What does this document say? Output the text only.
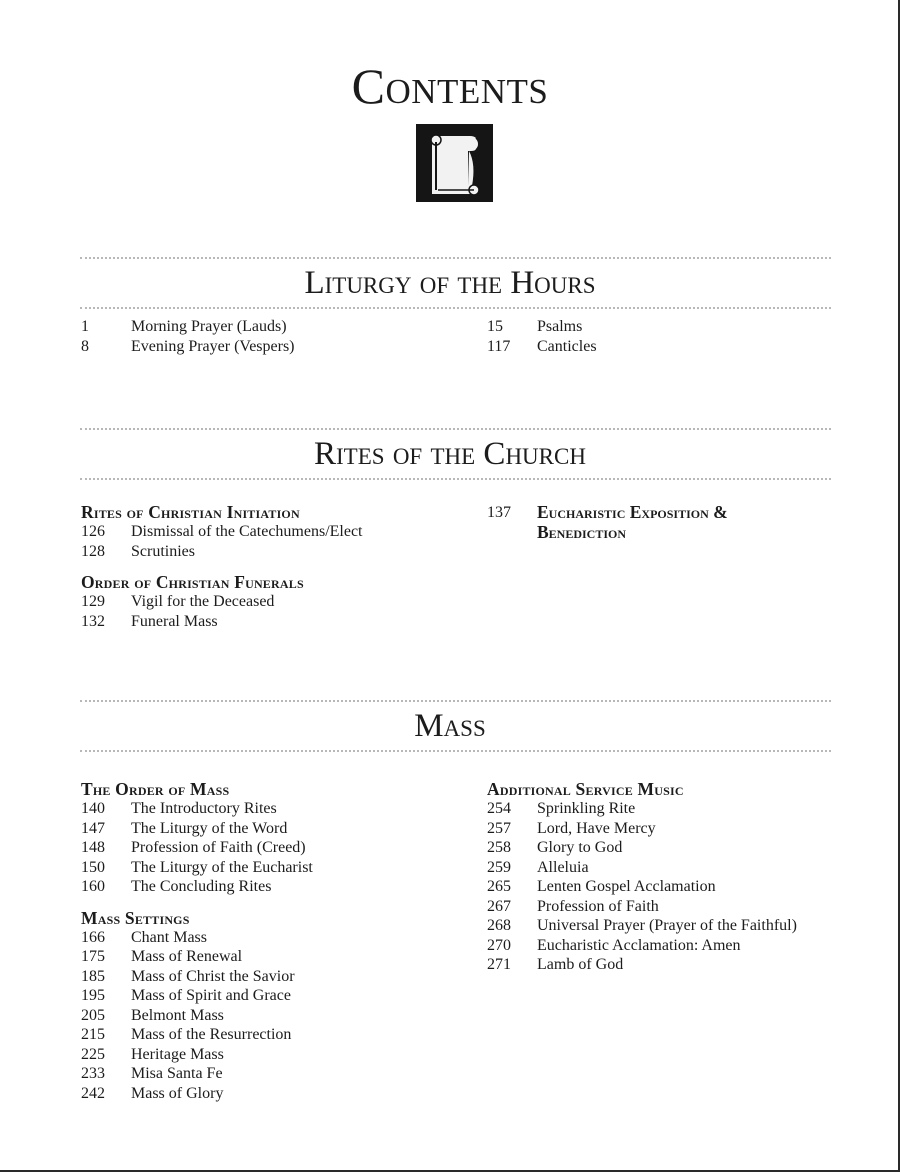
Contents
Liturgy of the Hours
1	Morning Prayer (Lauds)
8	Evening Prayer (Vespers)
15	Psalms
117	Canticles
Rites of the Church
Rites of Christian Initiation
126	Dismissal of the Catechumens/Elect
128	Scrutinies
Order of Christian Funerals
129	Vigil for the Deceased
132	Funeral Mass
137	Eucharistic Exposition & Benediction
Mass
The Order of Mass
140	The Introductory Rites
147	The Liturgy of the Word
148	Profession of Faith (Creed)
150	The Liturgy of the Eucharist
160	The Concluding Rites
Mass Settings
166	Chant Mass
175	Mass of Renewal
185	Mass of Christ the Savior
195	Mass of Spirit and Grace
205	Belmont Mass
215	Mass of the Resurrection
225	Heritage Mass
233	Misa Santa Fe
242	Mass of Glory
Additional Service Music
254	Sprinkling Rite
257	Lord, Have Mercy
258	Glory to God
259	Alleluia
265	Lenten Gospel Acclamation
267	Profession of Faith
268	Universal Prayer (Prayer of the Faithful)
270	Eucharistic Acclamation: Amen
271	Lamb of God
